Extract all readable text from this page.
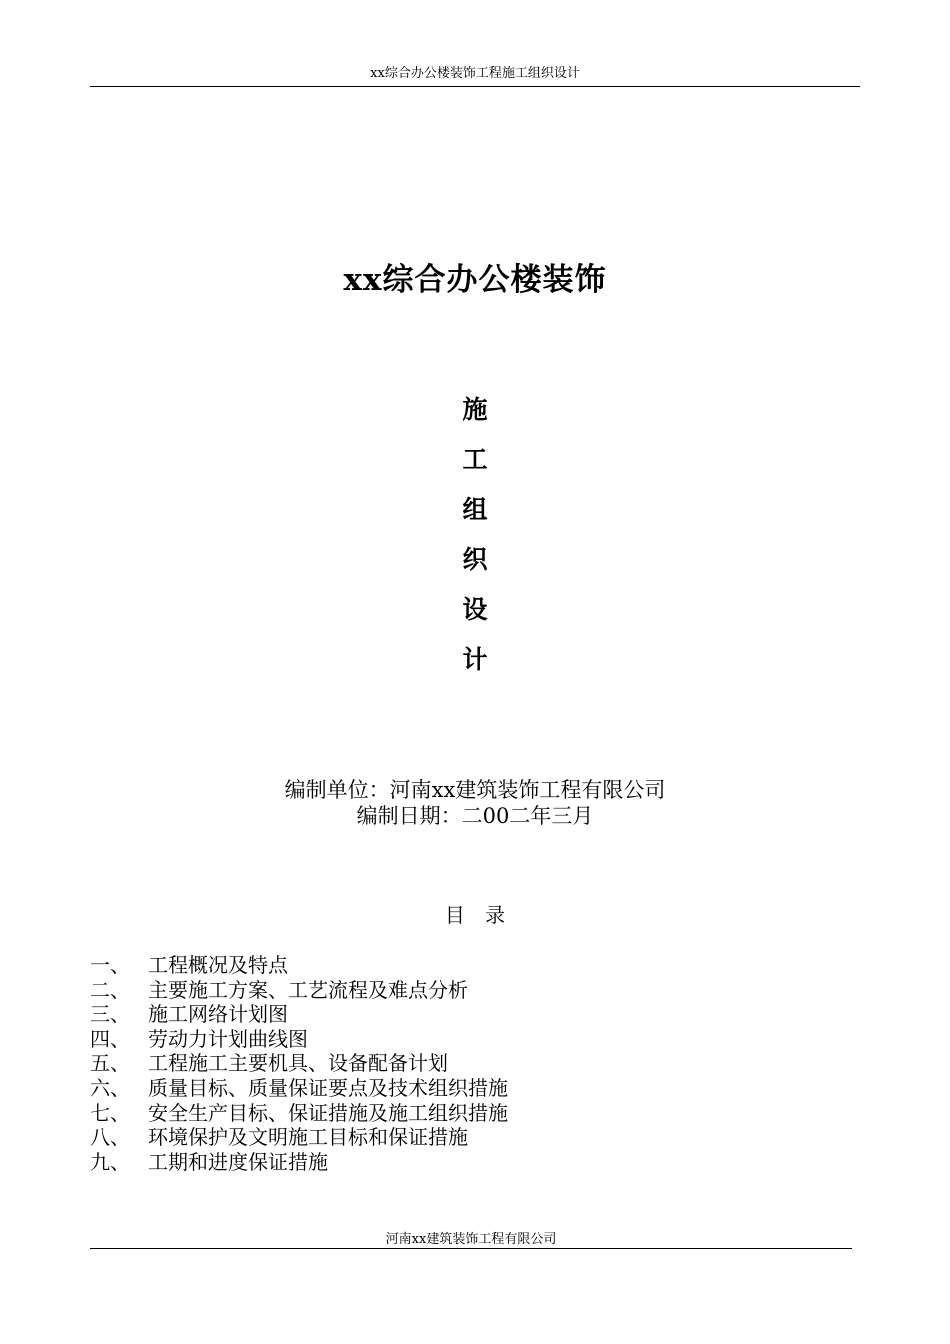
xx综合办公楼装饰工程施工组织设计
xx综合办公楼装饰
施
工
组
织
设
计
编制单位：河南xx建筑装饰工程有限公司
编制日期：二00二年三月
目 录
一、 工程概况及特点
二、 主要施工方案、工艺流程及难点分析
三、 施工网络计划图
四、 劳动力计划曲线图
五、 工程施工主要机具、设备配备计划
六、 质量目标、质量保证要点及技术组织措施
七、 安全生产目标、保证措施及施工组织措施
八、 环境保护及文明施工目标和保证措施
九、 工期和进度保证措施
河南xx建筑装饰工程有限公司
